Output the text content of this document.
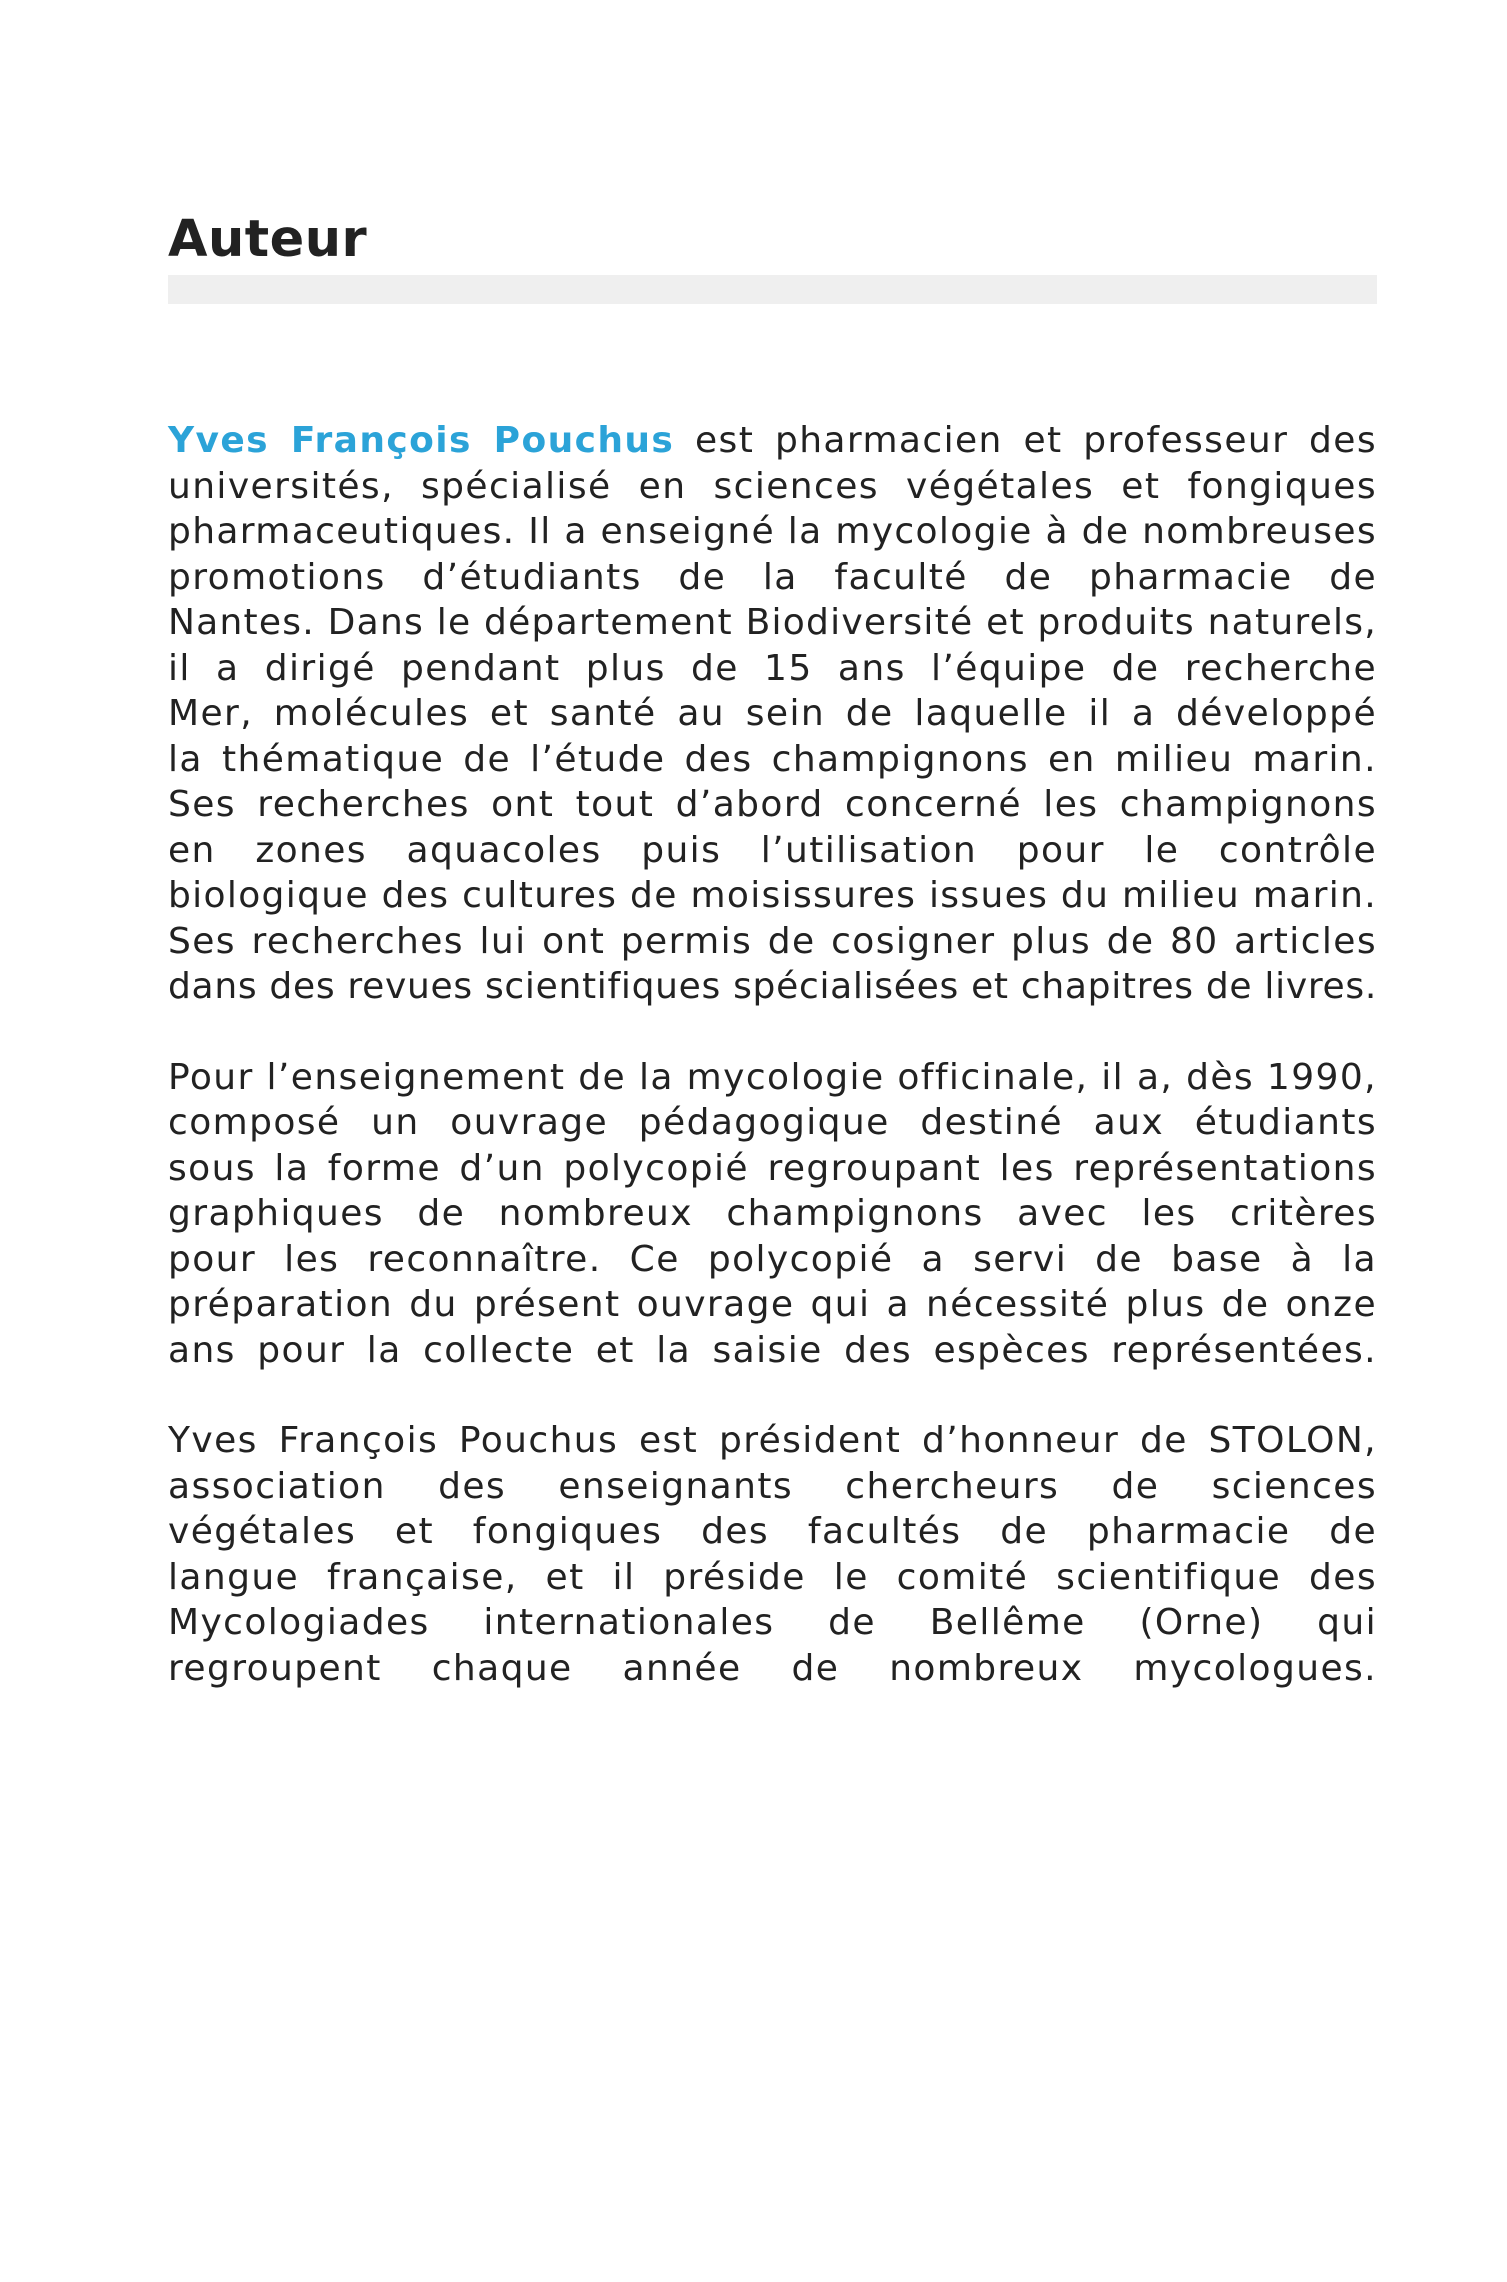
Auteur

Yves François Pouchus est pharmacien et professeur des
universités, spécialisé en sciences végétales et fongiques
pharmaceutiques. Il a enseigné la mycologie à de nombreuses
promotions d’étudiants de la faculté de pharmacie de
Nantes. Dans le département Biodiversité et produits naturels,
il a dirigé pendant plus de 15 ans l’équipe de recherche
Mer, molécules et santé au sein de laquelle il a développé
la thématique de l’étude des champignons en milieu marin.
Ses recherches ont tout d’abord concerné les champignons
en zones aquacoles puis l’utilisation pour le contrôle
biologique des cultures de moisissures issues du milieu marin.
Ses recherches lui ont permis de cosigner plus de 80 articles
dans des revues scientifiques spécialisées et chapitres de livres.

Pour l’enseignement de la mycologie officinale, il a, dès 1990,
composé un ouvrage pédagogique destiné aux étudiants
sous la forme d’un polycopié regroupant les représentations
graphiques de nombreux champignons avec les critères
pour les reconnaître. Ce polycopié a servi de base à la
préparation du présent ouvrage qui a nécessité plus de onze
ans pour la collecte et la saisie des espèces représentées.

Yves François Pouchus est président d’honneur de STOLON,
association des enseignants chercheurs de sciences
végétales et fongiques des facultés de pharmacie de
langue française, et il préside le comité scientifique des
Mycologiades internationales de Bellême (Orne) qui
regroupent chaque année de nombreux mycologues.
